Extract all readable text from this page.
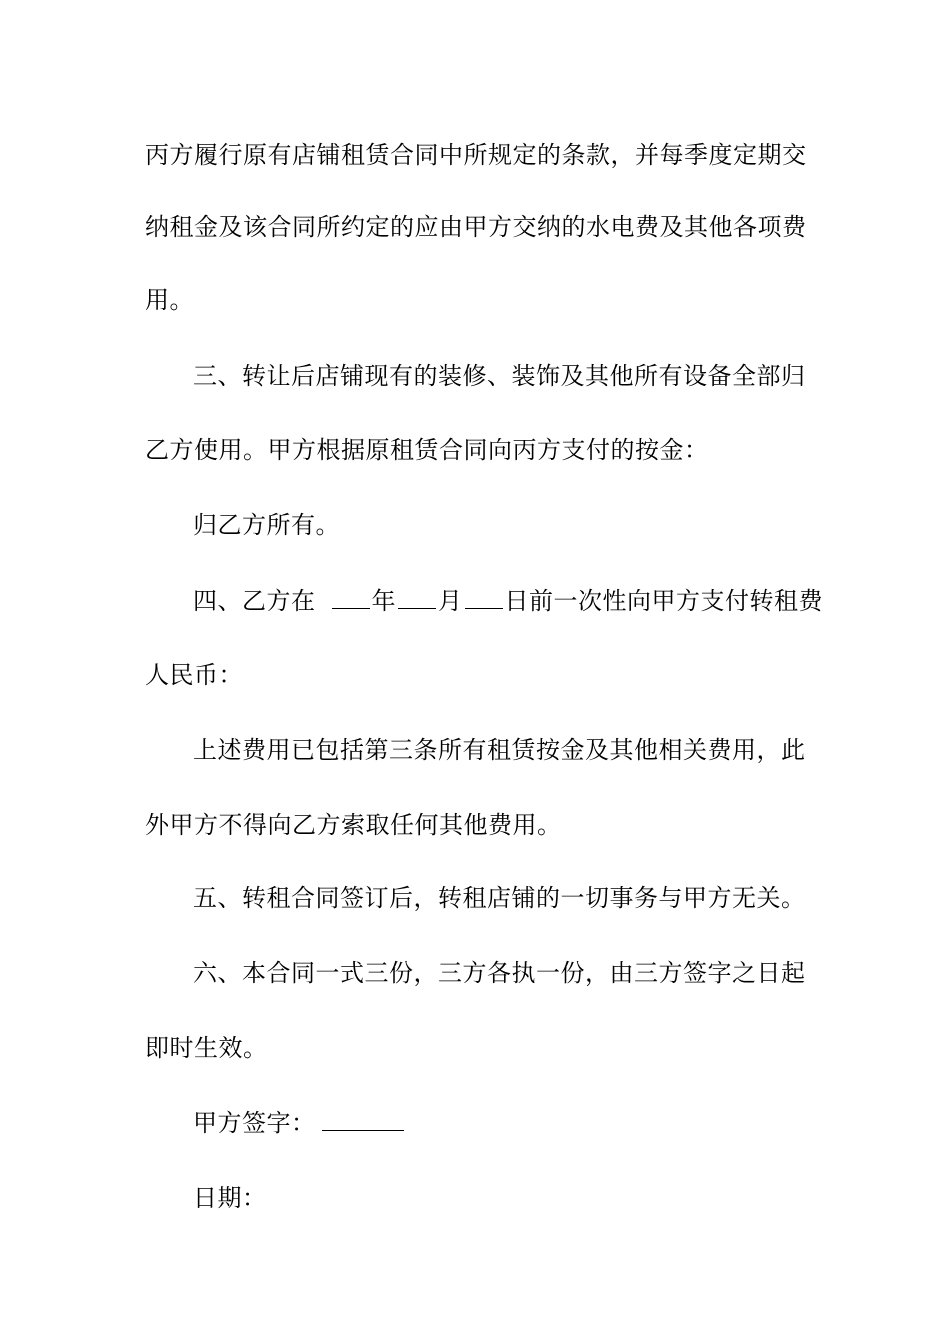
丙方履行原有店铺租赁合同中所规定的条款，并每季度定期交
纳租金及该合同所约定的应由甲方交纳的水电费及其他各项费
用。
三、转让后店铺现有的装修、装饰及其他所有设备全部归
乙方使用。甲方根据原租赁合同向丙方支付的按金：
归乙方所有。
四、乙方在 年 月 日前一次性向甲方支付转租费
人民币：
上述费用已包括第三条所有租赁按金及其他相关费用，此
外甲方不得向乙方索取任何其他费用。
五、转租合同签订后，转租店铺的一切事务与甲方无关。
六、本合同一式三份，三方各执一份，由三方签字之日起
即时生效。
甲方签字：
日期：
